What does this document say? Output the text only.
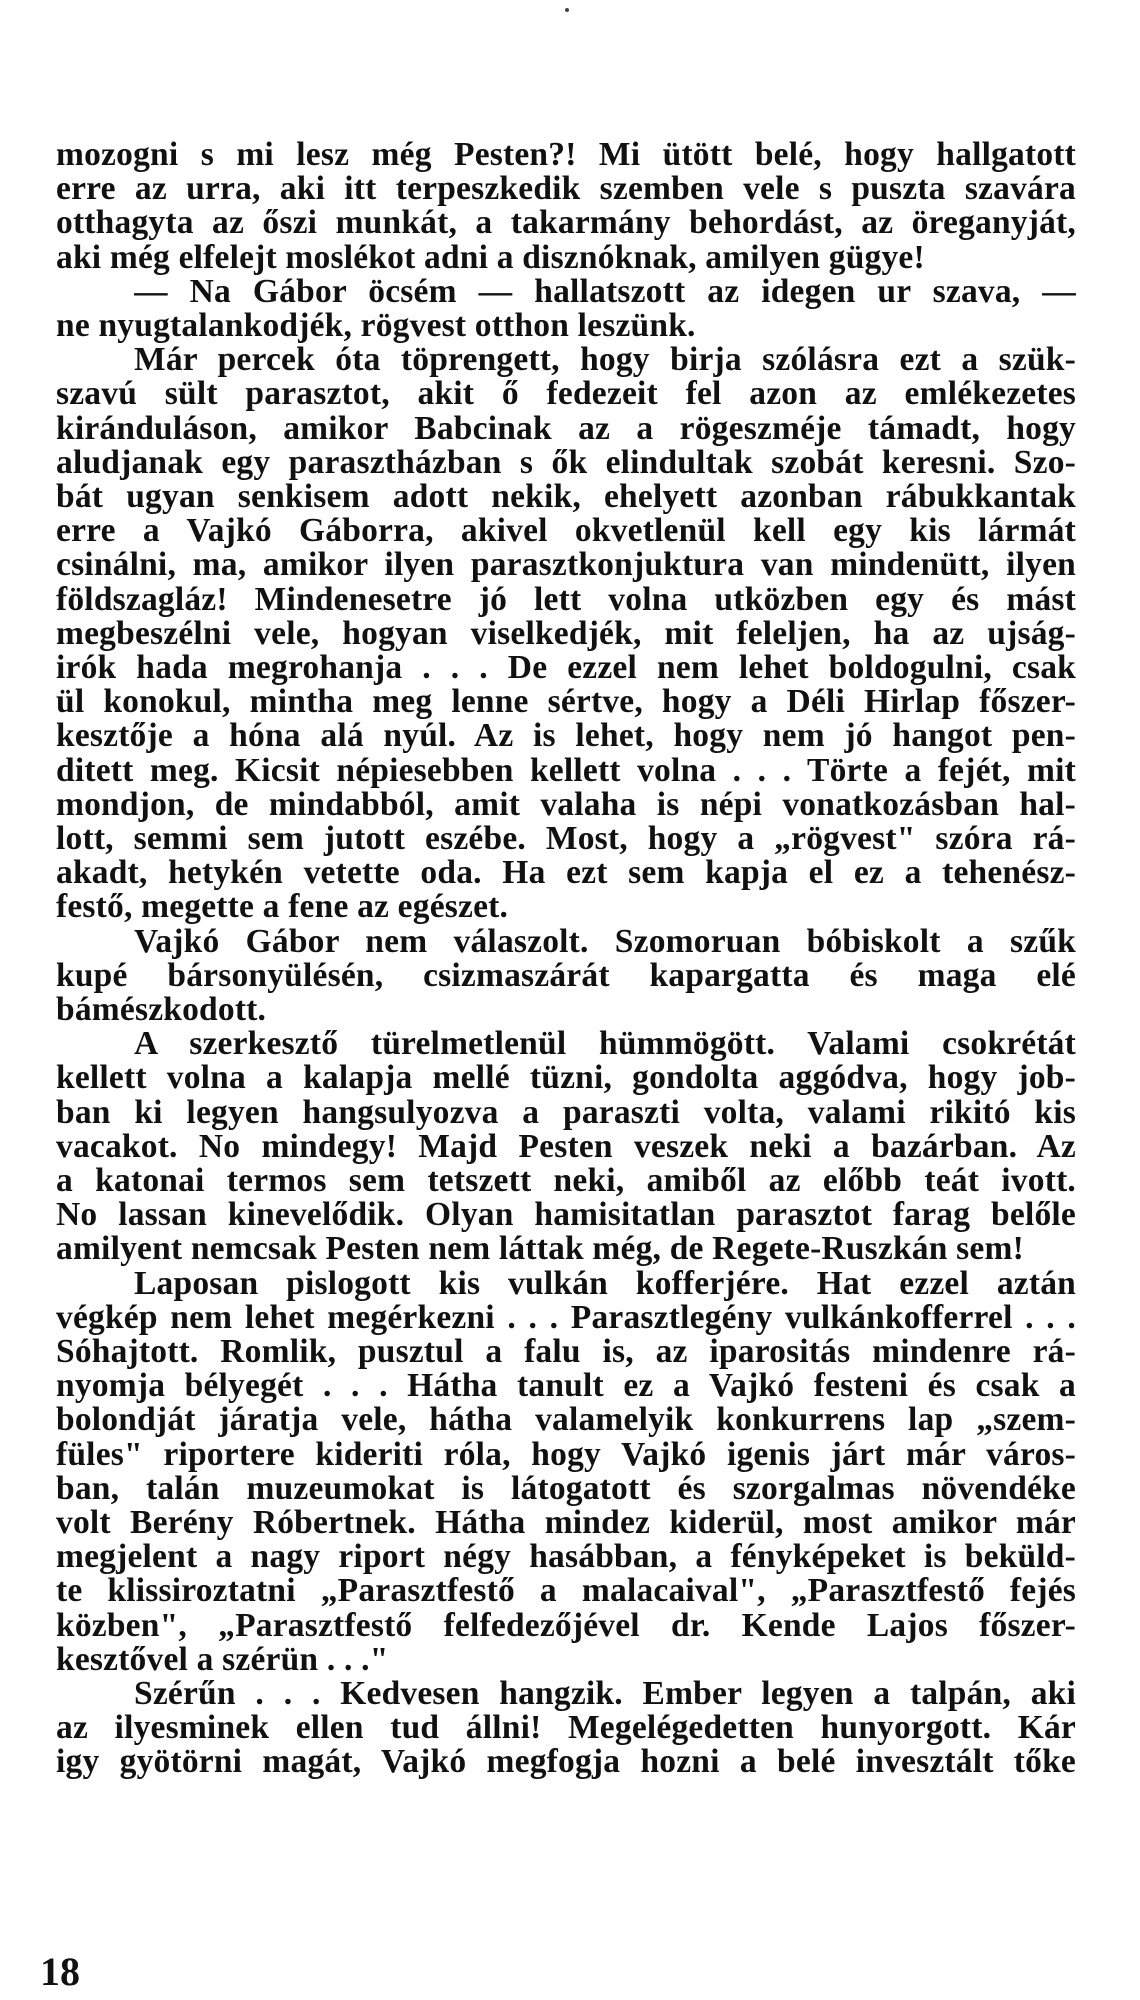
mozogni s mi lesz még Pesten?! Mi ütött belé, hogy hallgatott
erre az urra, aki itt terpeszkedik szemben vele s puszta szavára
otthagyta az őszi munkát, a takarmány behordást, az öreganyját,
aki még elfelejt moslékot adni a disznóknak, amilyen gügye!
— Na Gábor öcsém — hallatszott az idegen ur szava, —
ne nyugtalankodjék, rögvest otthon leszünk.
Már percek óta töprengett, hogy birja szólásra ezt a szük-
szavú sült parasztot, akit ő fedezeit fel azon az emlékezetes
kiránduláson, amikor Babcinak az a rögeszméje támadt, hogy
aludjanak egy parasztházban s ők elindultak szobát keresni. Szo-
bát ugyan senkisem adott nekik, ehelyett azonban rábukkantak
erre a Vajkó Gáborra, akivel okvetlenül kell egy kis lármát
csinálni, ma, amikor ilyen parasztkonjuktura van mindenütt, ilyen
földszagláz! Mindenesetre jó lett volna utközben egy és mást
megbeszélni vele, hogyan viselkedjék, mit feleljen, ha az ujság-
irók hada megrohanja . . . De ezzel nem lehet boldogulni, csak
ül konokul, mintha meg lenne sértve, hogy a Déli Hirlap főszer-
kesztője a hóna alá nyúl. Az is lehet, hogy nem jó hangot pen-
ditett meg. Kicsit népiesebben kellett volna . . . Törte a fejét, mit
mondjon, de mindabból, amit valaha is népi vonatkozásban hal-
lott, semmi sem jutott eszébe. Most, hogy a „rögvest" szóra rá-
akadt, hetykén vetette oda. Ha ezt sem kapja el ez a tehenész-
festő, megette a fene az egészet.
Vajkó Gábor nem válaszolt. Szomoruan bóbiskolt a szűk
kupé bársonyülésén, csizmaszárát kapargatta és maga elé
bámészkodott.
A szerkesztő türelmetlenül hümmögött. Valami csokrétát
kellett volna a kalapja mellé tüzni, gondolta aggódva, hogy job-
ban ki legyen hangsulyozva a paraszti volta, valami rikitó kis
vacakot. No mindegy! Majd Pesten veszek neki a bazárban. Az
a katonai termos sem tetszett neki, amiből az előbb teát ivott.
No lassan kinevelődik. Olyan hamisitatlan parasztot farag belőle
amilyent nemcsak Pesten nem láttak még, de Regete-Ruszkán sem!
Laposan pislogott kis vulkán kofferjére. Hat ezzel aztán
végkép nem lehet megérkezni . . . Parasztlegény vulkánkofferrel . . .
Sóhajtott. Romlik, pusztul a falu is, az iparositás mindenre rá-
nyomja bélyegét . . . Hátha tanult ez a Vajkó festeni és csak a
bolondját járatja vele, hátha valamelyik konkurrens lap „szem-
füles" riportere kideriti róla, hogy Vajkó igenis járt már város-
ban, talán muzeumokat is látogatott és szorgalmas növendéke
volt Berény Róbertnek. Hátha mindez kiderül, most amikor már
megjelent a nagy riport négy hasábban, a fényképeket is beküld-
te klissiroztatni „Parasztfestő a malacaival", „Parasztfestő fejés
közben", „Parasztfestő felfedezőjével dr. Kende Lajos főszer-
kesztővel a szérün . . ."
Szérűn . . . Kedvesen hangzik. Ember legyen a talpán, aki
az ilyesminek ellen tud állni! Megelégedetten hunyorgott. Kár
igy gyötörni magát, Vajkó megfogja hozni a belé invesztált tőke
18
